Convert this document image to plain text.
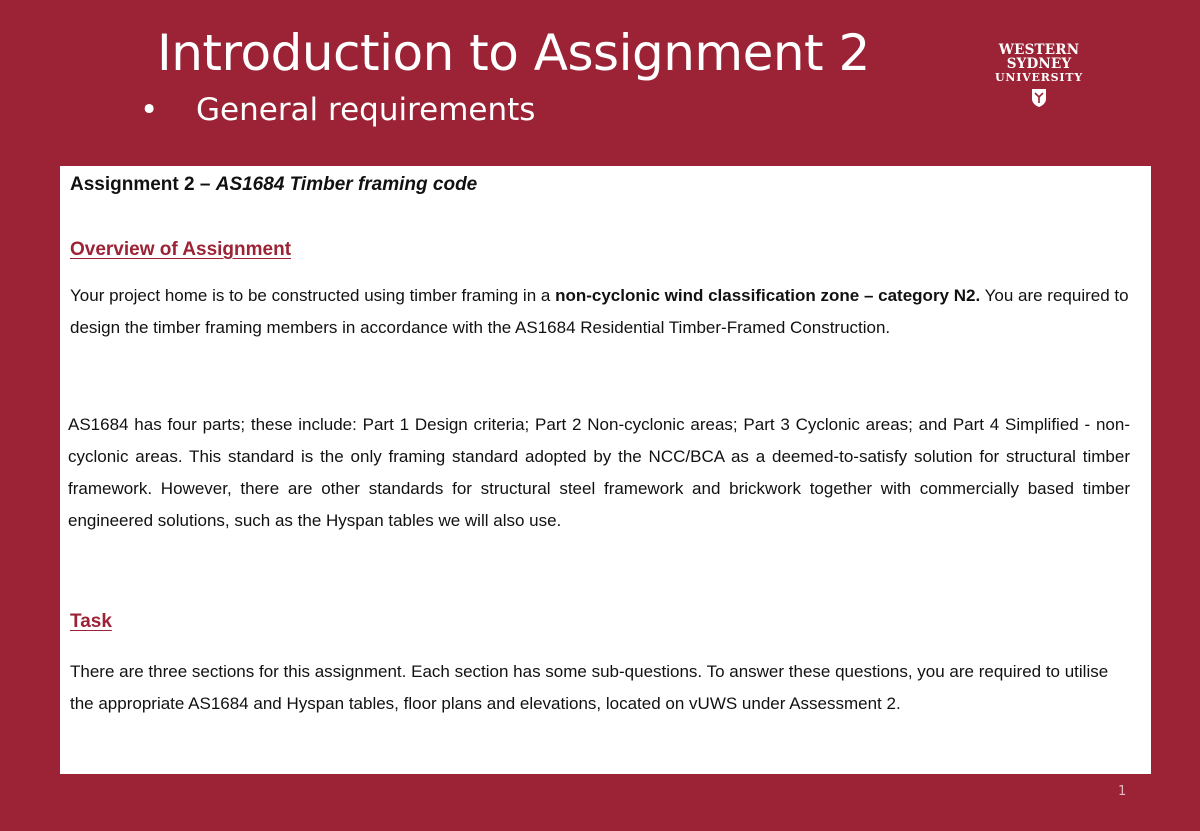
Introduction to Assignment 2
• General requirements
WESTERN SYDNEY
UNIVERSITY
Assignment 2 – AS1684 Timber framing code
Overview of Assignment

Your project home is to be constructed using timber framing in a non-cyclonic wind classification zone – category N2. You are required to design the timber framing members in accordance with the AS1684 Residential Timber-Framed Construction.

AS1684 has four parts; these include: Part 1 Design criteria; Part 2 Non-cyclonic areas; Part 3 Cyclonic areas; and Part 4 Simplified - non-cyclonic areas. This standard is the only framing standard adopted by the NCC/BCA as a deemed-to-satisfy solution for structural timber framework. However, there are other standards for structural steel framework and brickwork together with commercially based timber engineered solutions, such as the Hyspan tables we will also use.

Task

There are three sections for this assignment. Each section has some sub-questions. To answer these questions, you are required to utilise the appropriate AS1684 and Hyspan tables, floor plans and elevations, located on vUWS under Assessment 2.

1
